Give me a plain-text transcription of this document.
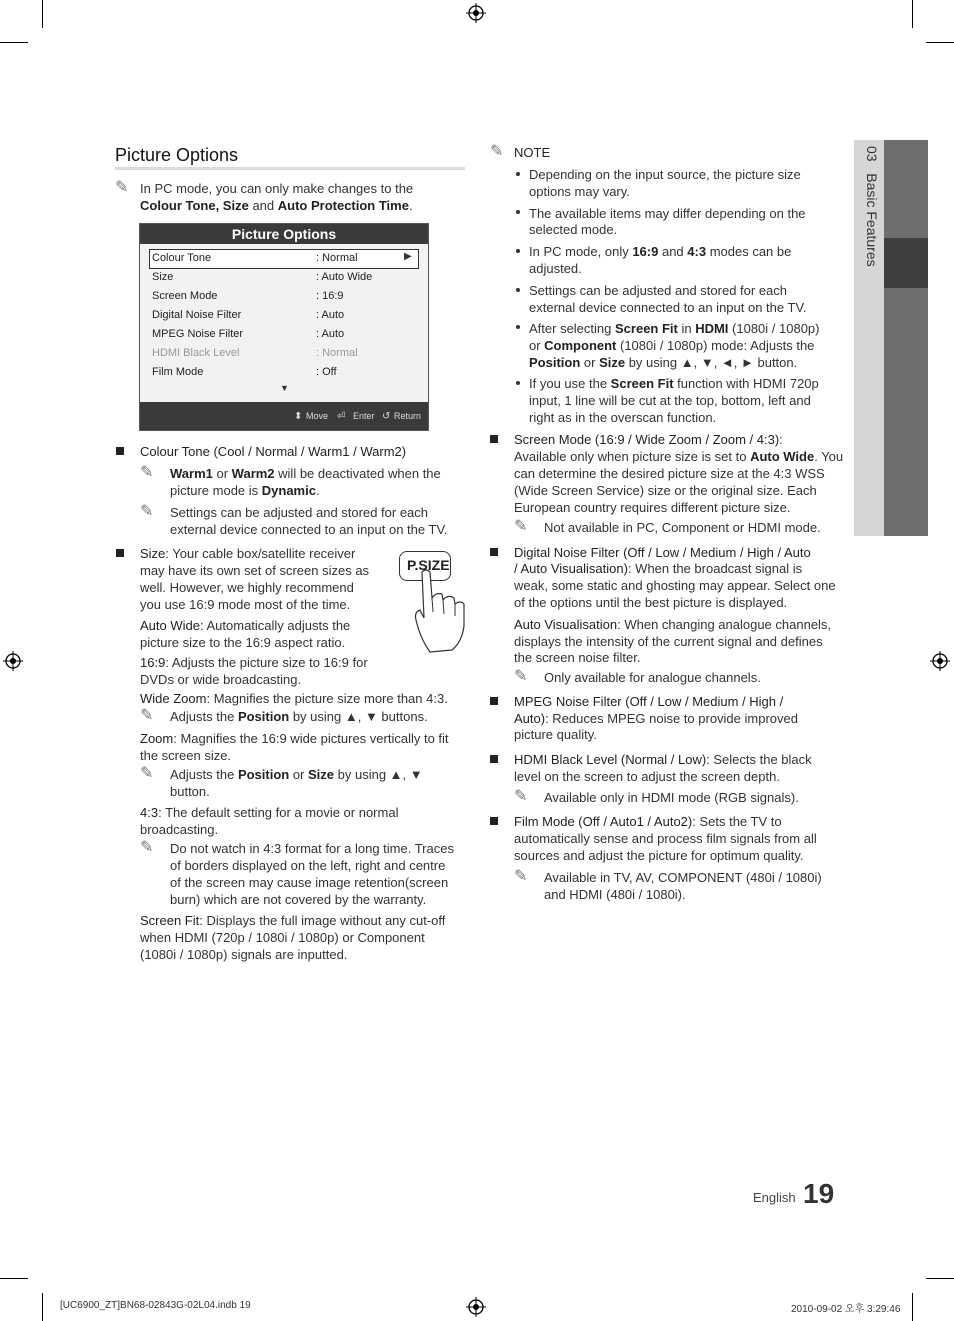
03   Basic Features
Picture Options
✎ In PC mode, you can only make changes to the
Colour Tone, Size and Auto Protection Time.
Picture Options
▶
Colour Tone	: Normal
Size	: Auto Wide
Screen Mode	: 16:9
Digital Noise Filter	: Auto
MPEG Noise Filter	: Auto
HDMI Black Level	: Normal
Film Mode	: Off
▼
⬍ Move ⏎ Enter ↺ Return
Colour Tone (Cool / Normal / Warm1 / Warm2)
✎ Warm1 or Warm2 will be deactivated when the
picture mode is Dynamic.
✎ Settings can be adjusted and stored for each
external device connected to an input on the TV.
Size: Your cable box/satellite receiver
may have its own set of screen sizes as
well. However, we highly recommend
you use 16:9 mode most of the time.
P.SIZE
Auto Wide: Automatically adjusts the
picture size to the 16:9 aspect ratio.
16:9: Adjusts the picture size to 16:9 for
DVDs or wide broadcasting.
Wide Zoom: Magnifies the picture size more than 4:3.
✎ Adjusts the Position by using ▲, ▼ buttons.
Zoom: Magnifies the 16:9 wide pictures vertically to fit
the screen size.
✎ Adjusts the Position or Size by using ▲, ▼
button.
4:3: The default setting for a movie or normal
broadcasting.
✎ Do not watch in 4:3 format for a long time. Traces
of borders displayed on the left, right and centre
of the screen may cause image retention(screen
burn) which are not covered by the warranty.
Screen Fit: Displays the full image without any cut-off
when HDMI (720p / 1080i / 1080p) or Component
(1080i / 1080p) signals are inputted.
✎ NOTE
Depending on the input source, the picture size
options may vary.
The available items may differ depending on the
selected mode.
In PC mode, only 16:9 and 4:3 modes can be
adjusted.
Settings can be adjusted and stored for each
external device connected to an input on the TV.
After selecting Screen Fit in HDMI (1080i / 1080p)
or Component (1080i / 1080p) mode: Adjusts the
Position or Size by using ▲, ▼, ◄, ► button.
If you use the Screen Fit function with HDMI 720p
input, 1 line will be cut at the top, bottom, left and
right as in the overscan function.
Screen Mode (16:9 / Wide Zoom / Zoom / 4:3):
Available only when picture size is set to Auto Wide. You
can determine the desired picture size at the 4:3 WSS
(Wide Screen Service) size or the original size. Each
European country requires different picture size.
✎ Not available in PC, Component or HDMI mode.
Digital Noise Filter (Off / Low / Medium / High / Auto
/ Auto Visualisation): When the broadcast signal is
weak, some static and ghosting may appear. Select one
of the options until the best picture is displayed.
Auto Visualisation: When changing analogue channels,
displays the intensity of the current signal and defines
the screen noise filter.
✎ Only available for analogue channels.
MPEG Noise Filter (Off / Low / Medium / High /
Auto): Reduces MPEG noise to provide improved
picture quality.
HDMI Black Level (Normal / Low): Selects the black
level on the screen to adjust the screen depth.
✎ Available only in HDMI mode (RGB signals).
Film Mode (Off / Auto1 / Auto2): Sets the TV to
automatically sense and process film signals from all
sources and adjust the picture for optimum quality.
✎ Available in TV, AV, COMPONENT (480i / 1080i)
and HDMI (480i / 1080i).
English 19
[UC6900_ZT]BN68-02843G-02L04.indb 19	2010-09-02 오후 3:29:46
